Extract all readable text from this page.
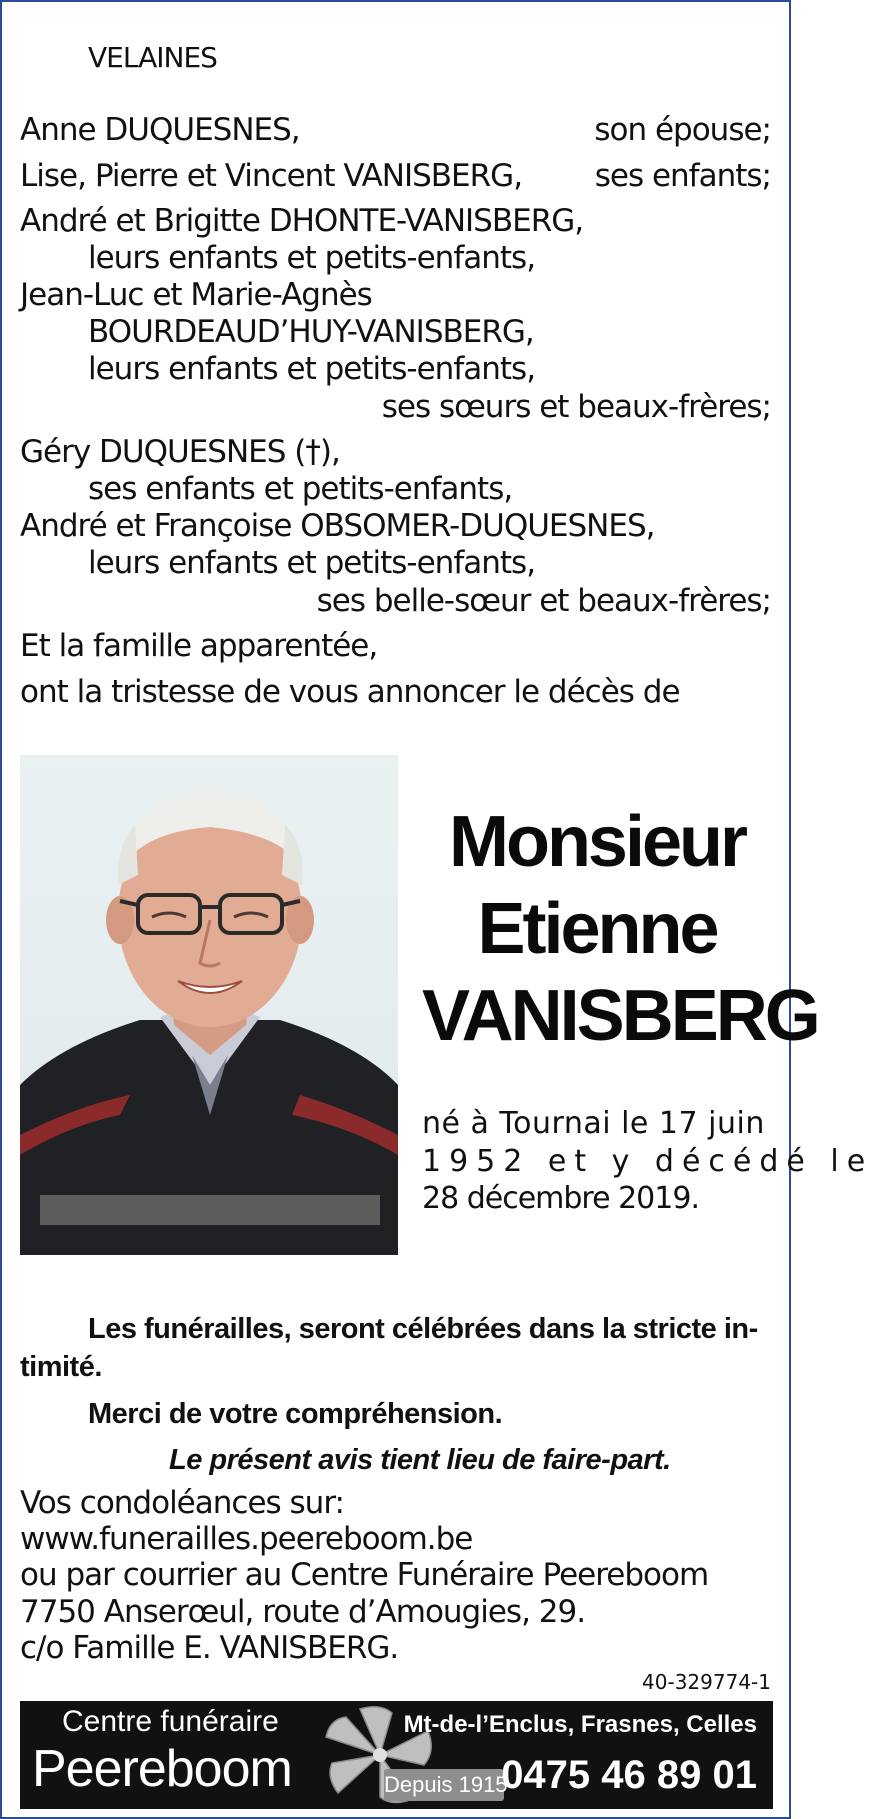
VELAINES
Anne DUQUESNES,	son épouse;
Lise, Pierre et Vincent VANISBERG, ses enfants;
André et Brigitte DHONTE-VANISBERG,
leurs enfants et petits-enfants,
Jean-Luc et Marie-Agnès
BOURDEAUD’HUY-VANISBERG,
leurs enfants et petits-enfants,
ses sœurs et beaux-frères;
Géry DUQUESNES (†),
ses enfants et petits-enfants,
André et Françoise OBSOMER-DUQUESNES,
leurs enfants et petits-enfants,
ses belle-sœur et beaux-frères;
Et la famille apparentée,
ont la tristesse de vous annoncer le décès de
Monsieur
Etienne
VANISBERG
né à Tournai le 17 juin
1952 et y décédé le
28 décembre 2019.
Les funérailles, seront célébrées dans la stricte in-
timité.
Merci de votre compréhension.
Le présent avis tient lieu de faire-part.
Vos condoléances sur:
www.funerailles.peereboom.be
ou par courrier au Centre Funéraire Peereboom
7750 Anserœul, route d’Amougies, 29.
c/o Famille E. VANISBERG.
40-329774-1
Centre funéraire
Peereboom	Depuis 1915
Mt-de-l’Enclus, Frasnes, Celles
0475 46 89 01
